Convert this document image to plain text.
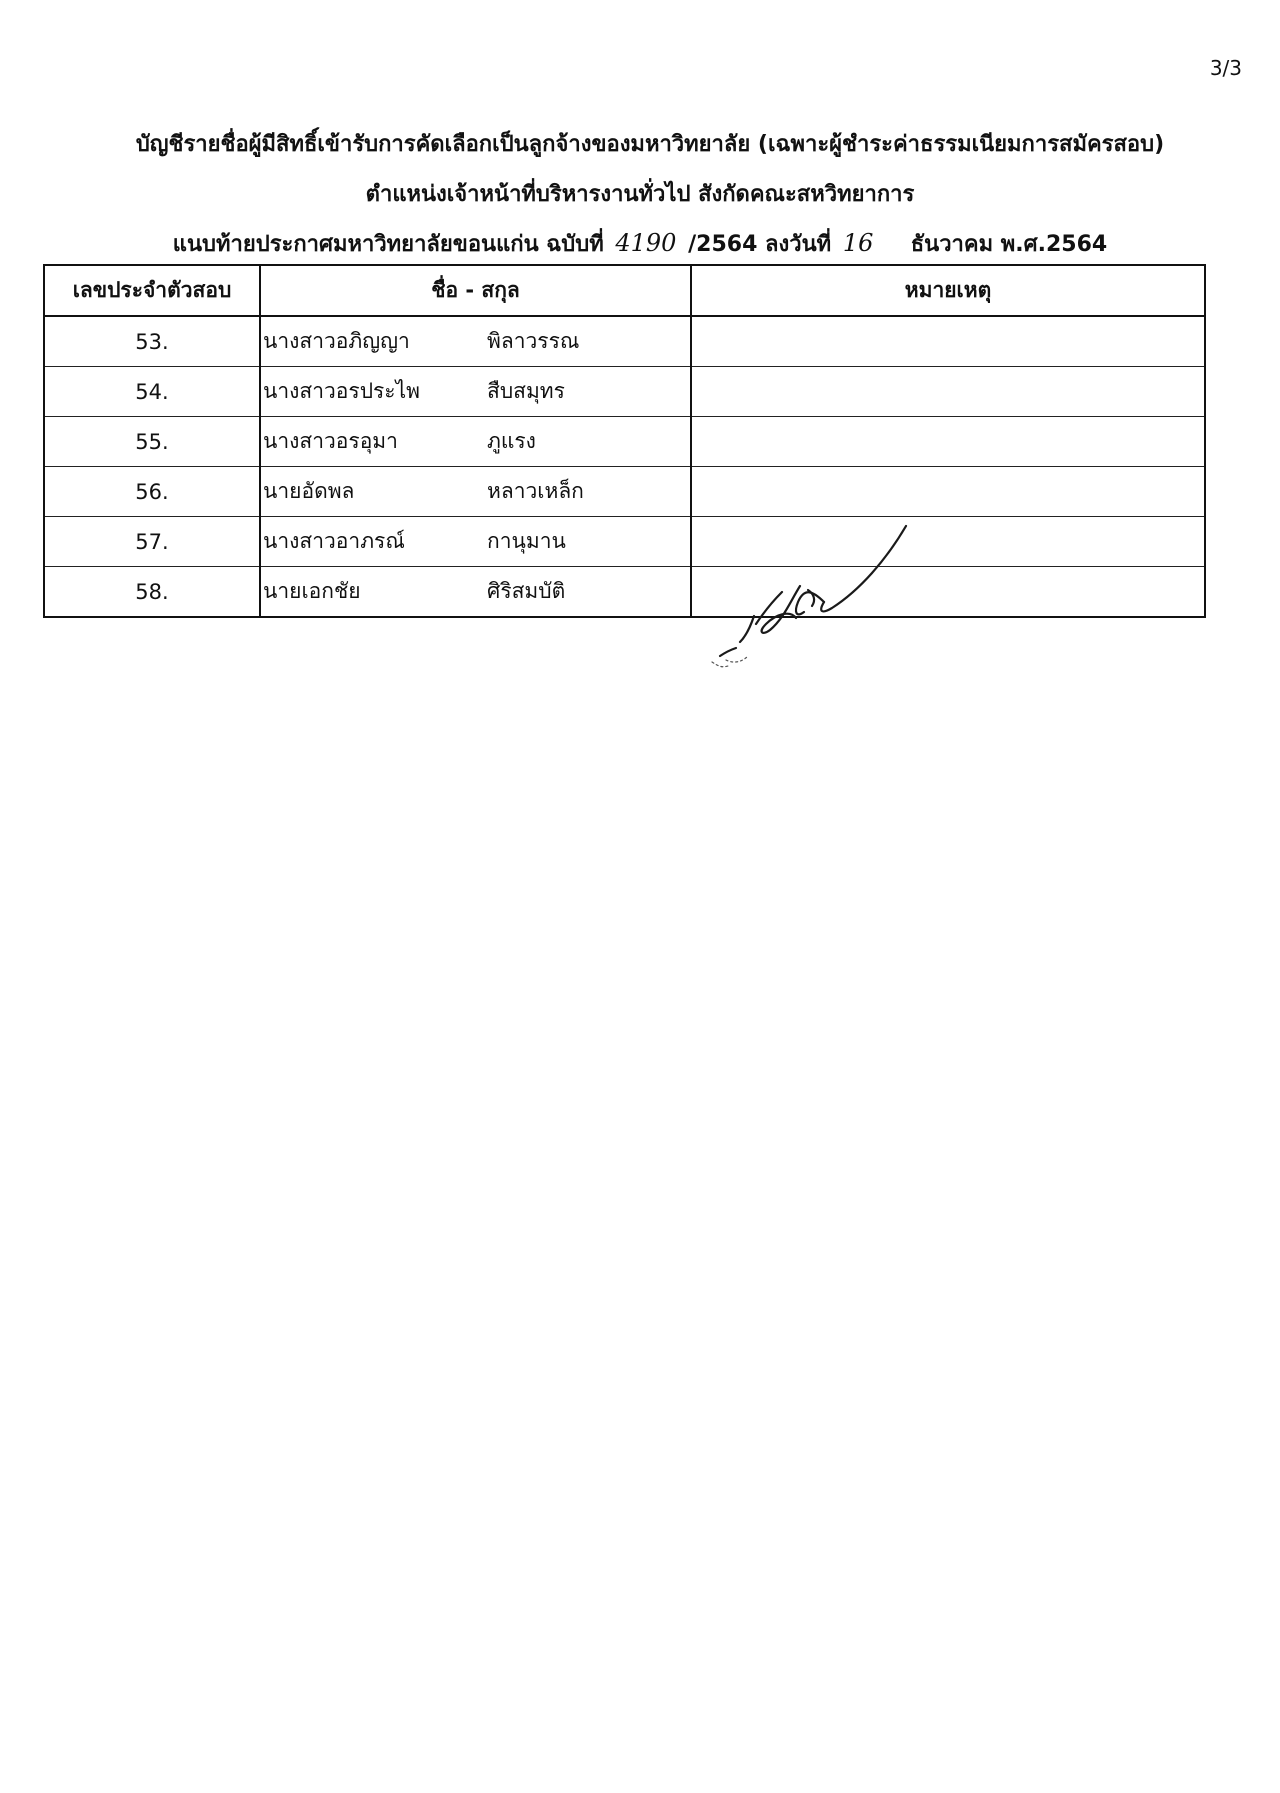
3/3
บัญชีรายชื่อผู้มีสิทธิ์เข้ารับการคัดเลือกเป็นลูกจ้างของมหาวิทยาลัย (เฉพาะผู้ชำระค่าธรรมเนียมการสมัครสอบ)
ตำแหน่งเจ้าหน้าที่บริหารงานทั่วไป สังกัดคณะสหวิทยาการ
แนบท้ายประกาศมหาวิทยาลัยขอนแก่น ฉบับที่ 4190 /2564 ลงวันที่ 16 ธันวาคม พ.ศ.2564
เลขประจำตัวสอบ	ชื่อ - สกุล	หมายเหตุ
53.	นางสาวอภิญญา พิลาวรรณ	
54.	นางสาวอรประไพ สืบสมุทร	
55.	นางสาวอรอุมา ภูแรง	
56.	นายอัดพล หลาวเหล็ก	
57.	นางสาวอาภรณ์ กานุมาน	
58.	นายเอกชัย ศิริสมบัติ	
